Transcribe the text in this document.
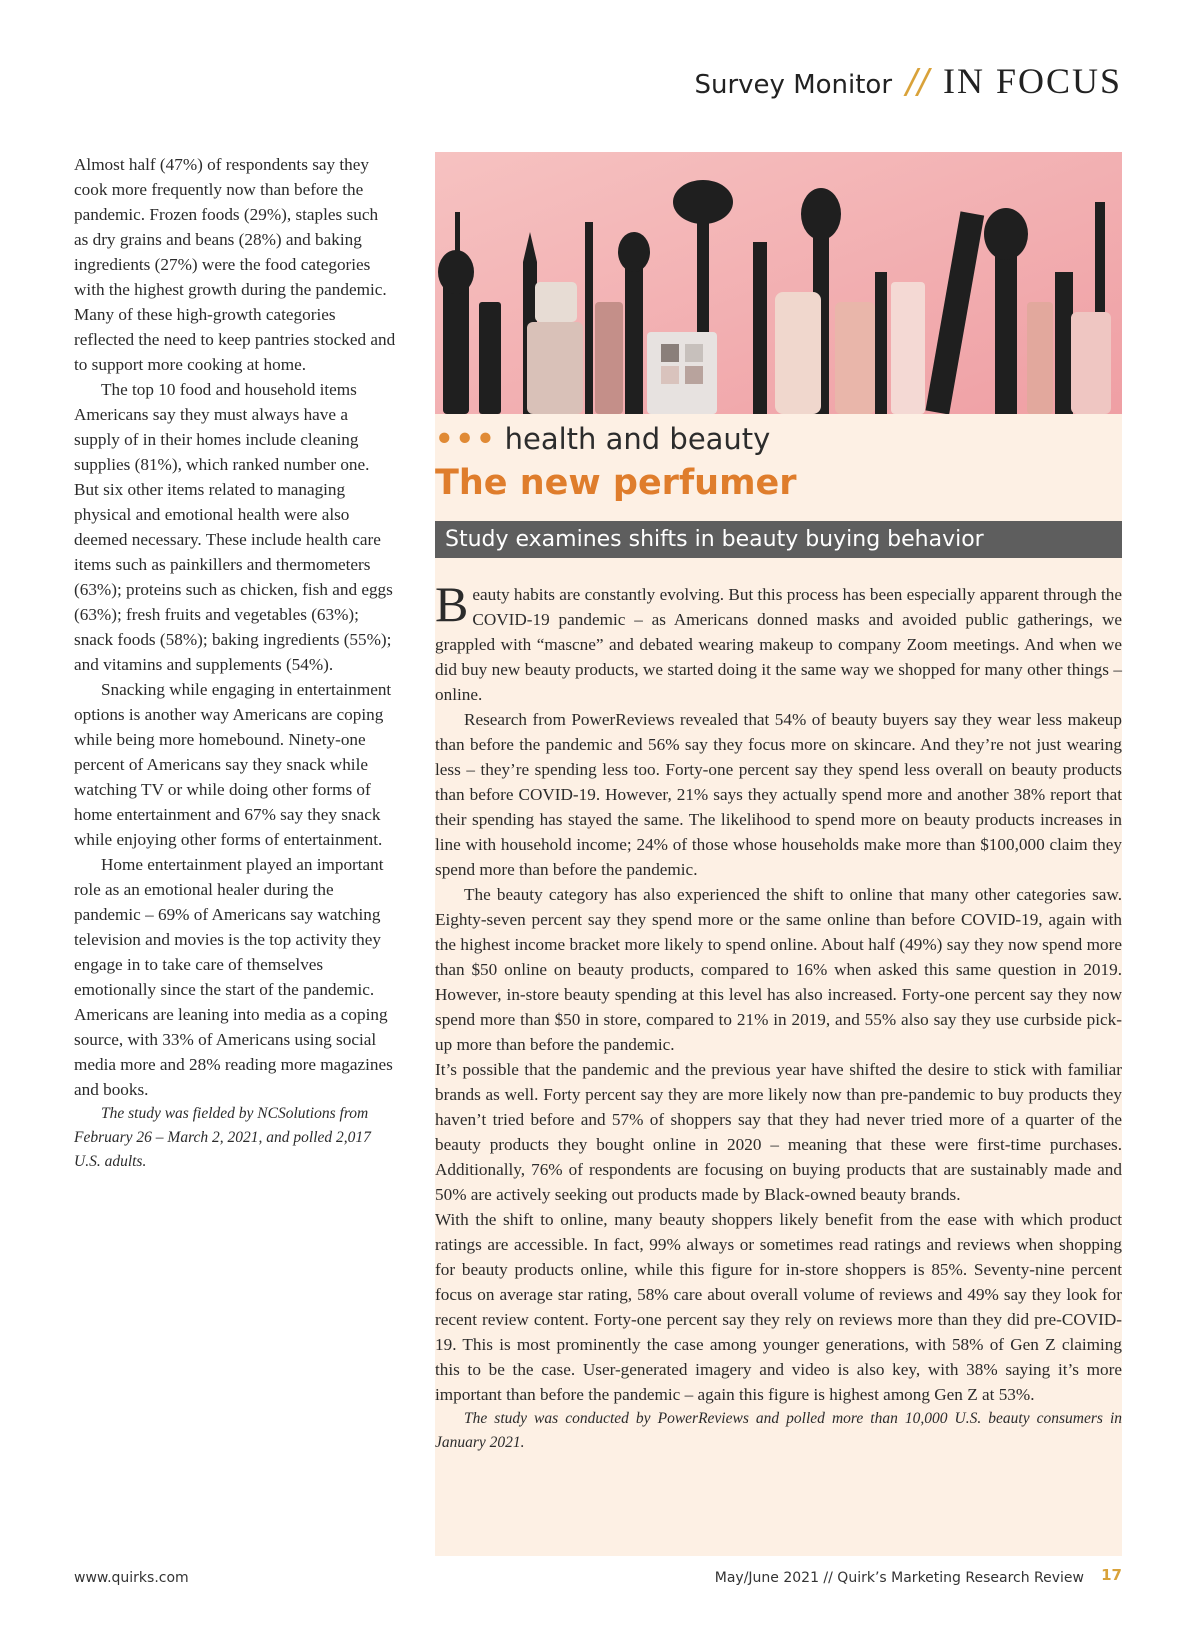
Survey Monitor // IN FOCUS

Almost half (47%) of respondents say they cook more frequently now than before the pandemic. Frozen foods (29%), staples such as dry grains and beans (28%) and baking ingredients (27%) were the food categories with the highest growth during the pandemic. Many of these high-growth categories reflected the need to keep pantries stocked and to support more cooking at home.

The top 10 food and household items Americans say they must always have a supply of in their homes include cleaning supplies (81%), which ranked number one. But six other items related to managing physical and emotional health were also deemed necessary. These include health care items such as painkillers and thermometers (63%); proteins such as chicken, fish and eggs (63%); fresh fruits and vegetables (63%); snack foods (58%); baking ingredients (55%); and vitamins and supplements (54%).

Snacking while engaging in entertainment options is another way Americans are coping while being more homebound. Ninety-one percent of Americans say they snack while watching TV or while doing other forms of home entertainment and 67% say they snack while enjoying other forms of entertainment.

Home entertainment played an important role as an emotional healer during the pandemic – 69% of Americans say watching television and movies is the top activity they engage in to take care of themselves emotionally since the start of the pandemic. Americans are leaning into media as a coping source, with 33% of Americans using social media more and 28% reading more magazines and books.

The study was fielded by NCSolutions from February 26 – March 2, 2021, and polled 2,017 U.S. adults.

••• health and beauty
The new perfumer
Study examines shifts in beauty buying behavior

Beauty habits are constantly evolving. But this process has been especially apparent through the COVID-19 pandemic – as Americans donned masks and avoided public gatherings, we grappled with “mascne” and debated wearing makeup to company Zoom meetings. And when we did buy new beauty products, we started doing it the same way we shopped for many other things – online.

Research from PowerReviews revealed that 54% of beauty buyers say they wear less makeup than before the pandemic and 56% say they focus more on skincare. And they’re not just wearing less – they’re spending less too. Forty-one percent say they spend less overall on beauty products than before COVID-19. However, 21% says they actually spend more and another 38% report that their spending has stayed the same. The likelihood to spend more on beauty products increases in line with household income; 24% of those whose households make more than $100,000 claim they spend more than before the pandemic.

The beauty category has also experienced the shift to online that many other categories saw. Eighty-seven percent say they spend more or the same online than before COVID-19, again with the highest income bracket more likely to spend online. About half (49%) say they now spend more than $50 online on beauty products, compared to 16% when asked this same question in 2019. However, in-store beauty spending at this level has also increased. Forty-one percent say they now spend more than $50 in store, compared to 21% in 2019, and 55% also say they use curbside pick-up more than before the pandemic.

It’s possible that the pandemic and the previous year have shifted the desire to stick with familiar brands as well. Forty percent say they are more likely now than pre-pandemic to buy products they haven’t tried before and 57% of shoppers say that they had never tried more of a quarter of the beauty products they bought online in 2020 – meaning that these were first-time purchases. Additionally, 76% of respondents are focusing on buying products that are sustainably made and 50% are actively seeking out products made by Black-owned beauty brands.

With the shift to online, many beauty shoppers likely benefit from the ease with which product ratings are accessible. In fact, 99% always or sometimes read ratings and reviews when shopping for beauty products online, while this figure for in-store shoppers is 85%. Seventy-nine percent focus on average star rating, 58% care about overall volume of reviews and 49% say they look for recent review content. Forty-one percent say they rely on reviews more than they did pre-COVID-19. This is most prominently the case among younger generations, with 58% of Gen Z claiming this to be the case. User-generated imagery and video is also key, with 38% saying it’s more important than before the pandemic – again this figure is highest among Gen Z at 53%.

The study was conducted by PowerReviews and polled more than 10,000 U.S. beauty consumers in January 2021.

www.quirks.com	May/June 2021 // Quirk’s Marketing Research Review 17
